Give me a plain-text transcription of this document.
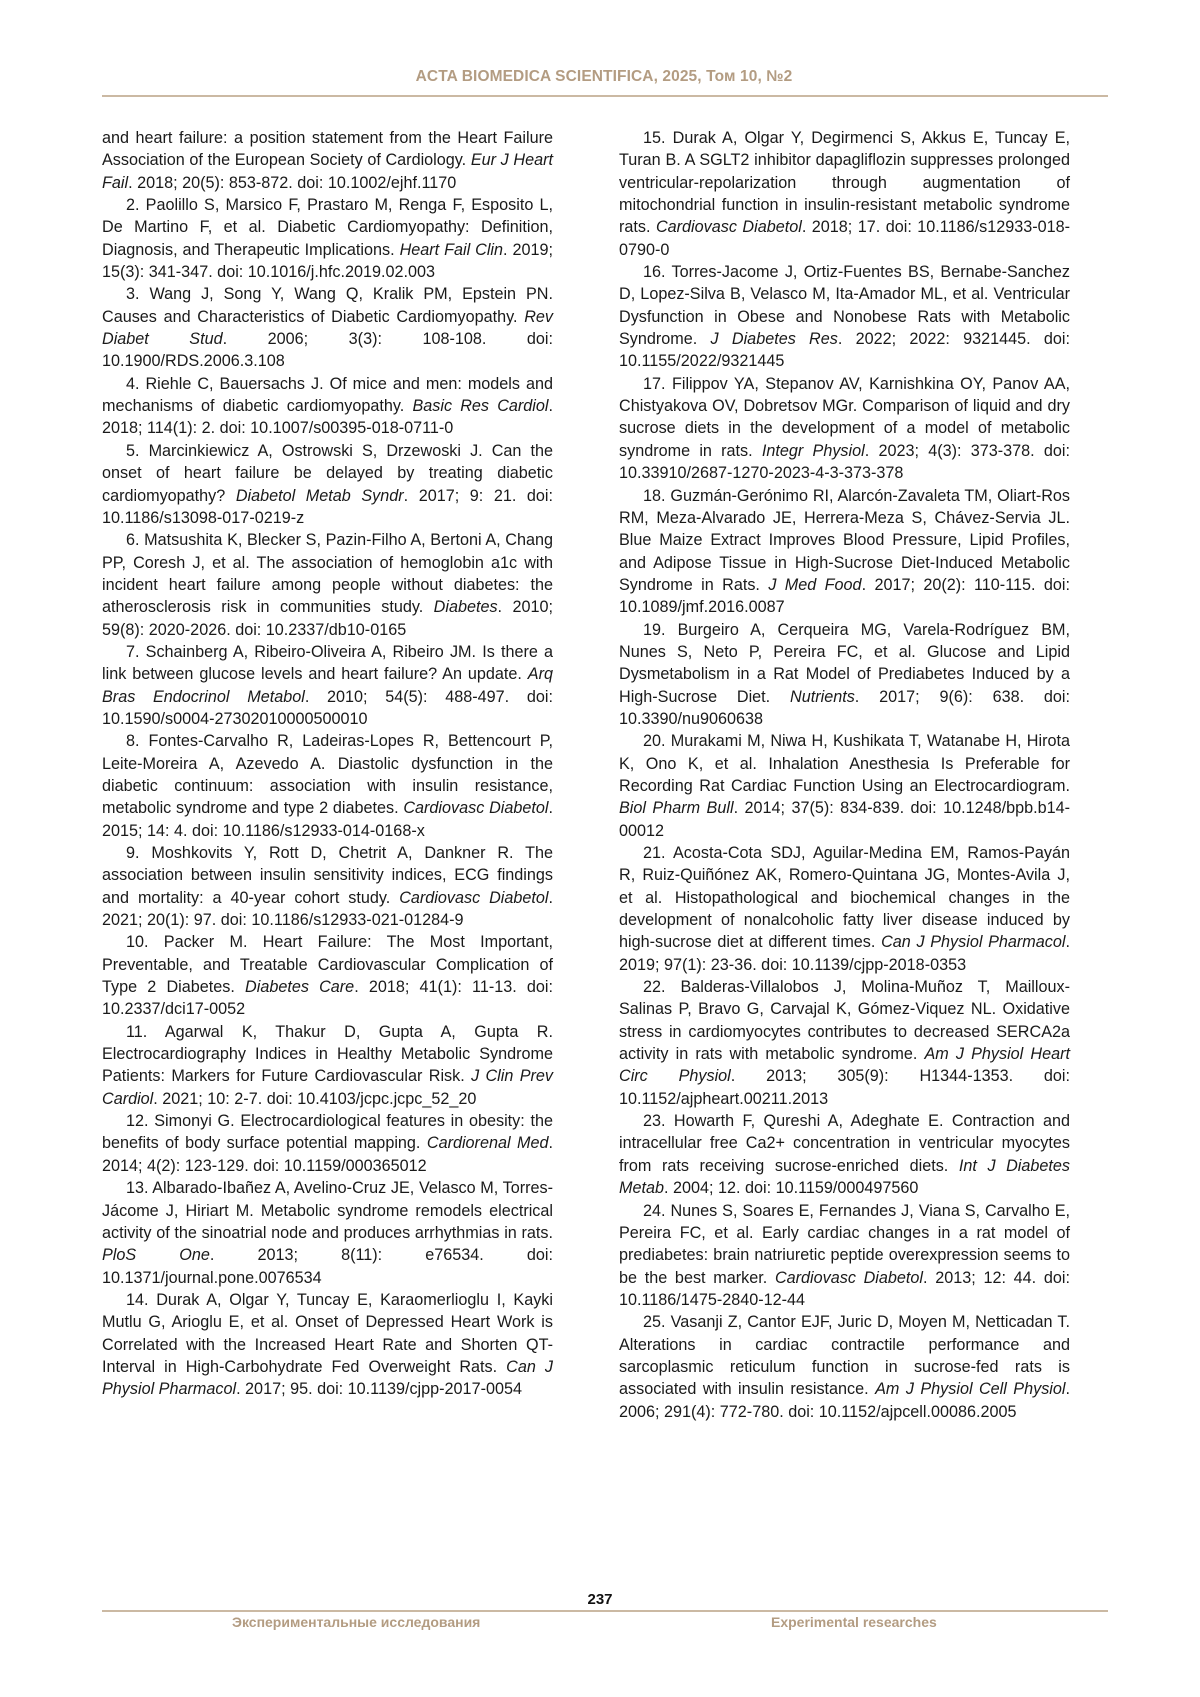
ACTA BIOMEDICA SCIENTIFICA, 2025, Том 10, №2

and heart failure: a position statement from the Heart Failure Association of the European Society of Cardiology. Eur J Heart Fail. 2018; 20(5): 853-872. doi: 10.1002/ejhf.1170

2. Paolillo S, Marsico F, Prastaro M, Renga F, Esposito L, De Martino F, et al. Diabetic Cardiomyopathy: Definition, Diagnosis, and Therapeutic Implications. Heart Fail Clin. 2019; 15(3): 341-347. doi: 10.1016/j.hfc.2019.02.003

3. Wang J, Song Y, Wang Q, Kralik PM, Epstein PN. Causes and Characteristics of Diabetic Cardiomyopathy. Rev Diabet Stud. 2006; 3(3): 108-108. doi: 10.1900/RDS.2006.3.108

4. Riehle C, Bauersachs J. Of mice and men: models and mechanisms of diabetic cardiomyopathy. Basic Res Cardiol. 2018; 114(1): 2. doi: 10.1007/s00395-018-0711-0

5. Marcinkiewicz A, Ostrowski S, Drzewoski J. Can the onset of heart failure be delayed by treating diabetic cardiomyopathy? Diabetol Metab Syndr. 2017; 9: 21. doi: 10.1186/s13098-017-0219-z

6. Matsushita K, Blecker S, Pazin-Filho A, Bertoni A, Chang PP, Coresh J, et al. The association of hemoglobin a1c with incident heart failure among people without diabetes: the atherosclerosis risk in communities study. Diabetes. 2010; 59(8): 2020-2026. doi: 10.2337/db10-0165

7. Schainberg A, Ribeiro-Oliveira A, Ribeiro JM. Is there a link between glucose levels and heart failure? An update. Arq Bras Endocrinol Metabol. 2010; 54(5): 488-497. doi: 10.1590/s0004-27302010000500010

8. Fontes-Carvalho R, Ladeiras-Lopes R, Bettencourt P, Leite-Moreira A, Azevedo A. Diastolic dysfunction in the diabetic continuum: association with insulin resistance, metabolic syndrome and type 2 diabetes. Cardiovasc Diabetol. 2015; 14: 4. doi: 10.1186/s12933-014-0168-x

9. Moshkovits Y, Rott D, Chetrit A, Dankner R. The association between insulin sensitivity indices, ECG findings and mortality: a 40-year cohort study. Cardiovasc Diabetol. 2021; 20(1): 97. doi: 10.1186/s12933-021-01284-9

10. Packer M. Heart Failure: The Most Important, Preventable, and Treatable Cardiovascular Complication of Type 2 Diabetes. Diabetes Care. 2018; 41(1): 11-13. doi: 10.2337/dci17-0052

11. Agarwal K, Thakur D, Gupta A, Gupta R. Electrocardiography Indices in Healthy Metabolic Syndrome Patients: Markers for Future Cardiovascular Risk. J Clin Prev Cardiol. 2021; 10: 2-7. doi: 10.4103/jcpc.jcpc_52_20

12. Simonyi G. Electrocardiological features in obesity: the benefits of body surface potential mapping. Cardiorenal Med. 2014; 4(2): 123-129. doi: 10.1159/000365012

13. Albarado-Ibañez A, Avelino-Cruz JE, Velasco M, Torres-Jácome J, Hiriart M. Metabolic syndrome remodels electrical activity of the sinoatrial node and produces arrhythmias in rats. PloS One. 2013; 8(11): e76534. doi: 10.1371/journal.pone.0076534

14. Durak A, Olgar Y, Tuncay E, Karaomerlioglu I, Kayki Mutlu G, Arioglu E, et al. Onset of Depressed Heart Work is Correlated with the Increased Heart Rate and Shorten QT-Interval in High-Carbohydrate Fed Overweight Rats. Can J Physiol Pharmacol. 2017; 95. doi: 10.1139/cjpp-2017-0054

15. Durak A, Olgar Y, Degirmenci S, Akkus E, Tuncay E, Turan B. A SGLT2 inhibitor dapagliflozin suppresses prolonged ventricular-repolarization through augmentation of mitochondrial function in insulin-resistant metabolic syndrome rats. Cardiovasc Diabetol. 2018; 17. doi: 10.1186/s12933-018-0790-0

16. Torres-Jacome J, Ortiz-Fuentes BS, Bernabe-Sanchez D, Lopez-Silva B, Velasco M, Ita-Amador ML, et al. Ventricular Dysfunction in Obese and Nonobese Rats with Metabolic Syndrome. J Diabetes Res. 2022; 2022: 9321445. doi: 10.1155/2022/9321445

17. Filippov YA, Stepanov AV, Karnishkina OY, Panov AA, Chistyakova OV, Dobretsov MGr. Comparison of liquid and dry sucrose diets in the development of a model of metabolic syndrome in rats. Integr Physiol. 2023; 4(3): 373-378. doi: 10.33910/2687-1270-2023-4-3-373-378

18. Guzmán-Gerónimo RI, Alarcón-Zavaleta TM, Oliart-Ros RM, Meza-Alvarado JE, Herrera-Meza S, Chávez-Servia JL. Blue Maize Extract Improves Blood Pressure, Lipid Profiles, and Adipose Tissue in High-Sucrose Diet-Induced Metabolic Syndrome in Rats. J Med Food. 2017; 20(2): 110-115. doi: 10.1089/jmf.2016.0087

19. Burgeiro A, Cerqueira MG, Varela-Rodríguez BM, Nunes S, Neto P, Pereira FC, et al. Glucose and Lipid Dysmetabolism in a Rat Model of Prediabetes Induced by a High-Sucrose Diet. Nutrients. 2017; 9(6): 638. doi: 10.3390/nu9060638

20. Murakami M, Niwa H, Kushikata T, Watanabe H, Hirota K, Ono K, et al. Inhalation Anesthesia Is Preferable for Recording Rat Cardiac Function Using an Electrocardiogram. Biol Pharm Bull. 2014; 37(5): 834-839. doi: 10.1248/bpb.b14-00012

21. Acosta-Cota SDJ, Aguilar-Medina EM, Ramos-Payán R, Ruiz-Quiñónez AK, Romero-Quintana JG, Montes-Avila J, et al. Histopathological and biochemical changes in the development of nonalcoholic fatty liver disease induced by high-sucrose diet at different times. Can J Physiol Pharmacol. 2019; 97(1): 23-36. doi: 10.1139/cjpp-2018-0353

22. Balderas-Villalobos J, Molina-Muñoz T, Mailloux-Salinas P, Bravo G, Carvajal K, Gómez-Viquez NL. Oxidative stress in cardiomyocytes contributes to decreased SERCA2a activity in rats with metabolic syndrome. Am J Physiol Heart Circ Physiol. 2013; 305(9): H1344-1353. doi: 10.1152/ajpheart.00211.2013

23. Howarth F, Qureshi A, Adeghate E. Contraction and intracellular free Ca2+ concentration in ventricular myocytes from rats receiving sucrose-enriched diets. Int J Diabetes Metab. 2004; 12. doi: 10.1159/000497560

24. Nunes S, Soares E, Fernandes J, Viana S, Carvalho E, Pereira FC, et al. Early cardiac changes in a rat model of prediabetes: brain natriuretic peptide overexpression seems to be the best marker. Cardiovasc Diabetol. 2013; 12: 44. doi: 10.1186/1475-2840-12-44

25. Vasanji Z, Cantor EJF, Juric D, Moyen M, Netticadan T. Alterations in cardiac contractile performance and sarcoplasmic reticulum function in sucrose-fed rats is associated with insulin resistance. Am J Physiol Cell Physiol. 2006; 291(4): 772-780. doi: 10.1152/ajpcell.00086.2005

237
Экспериментальные исследования	Experimental researches
